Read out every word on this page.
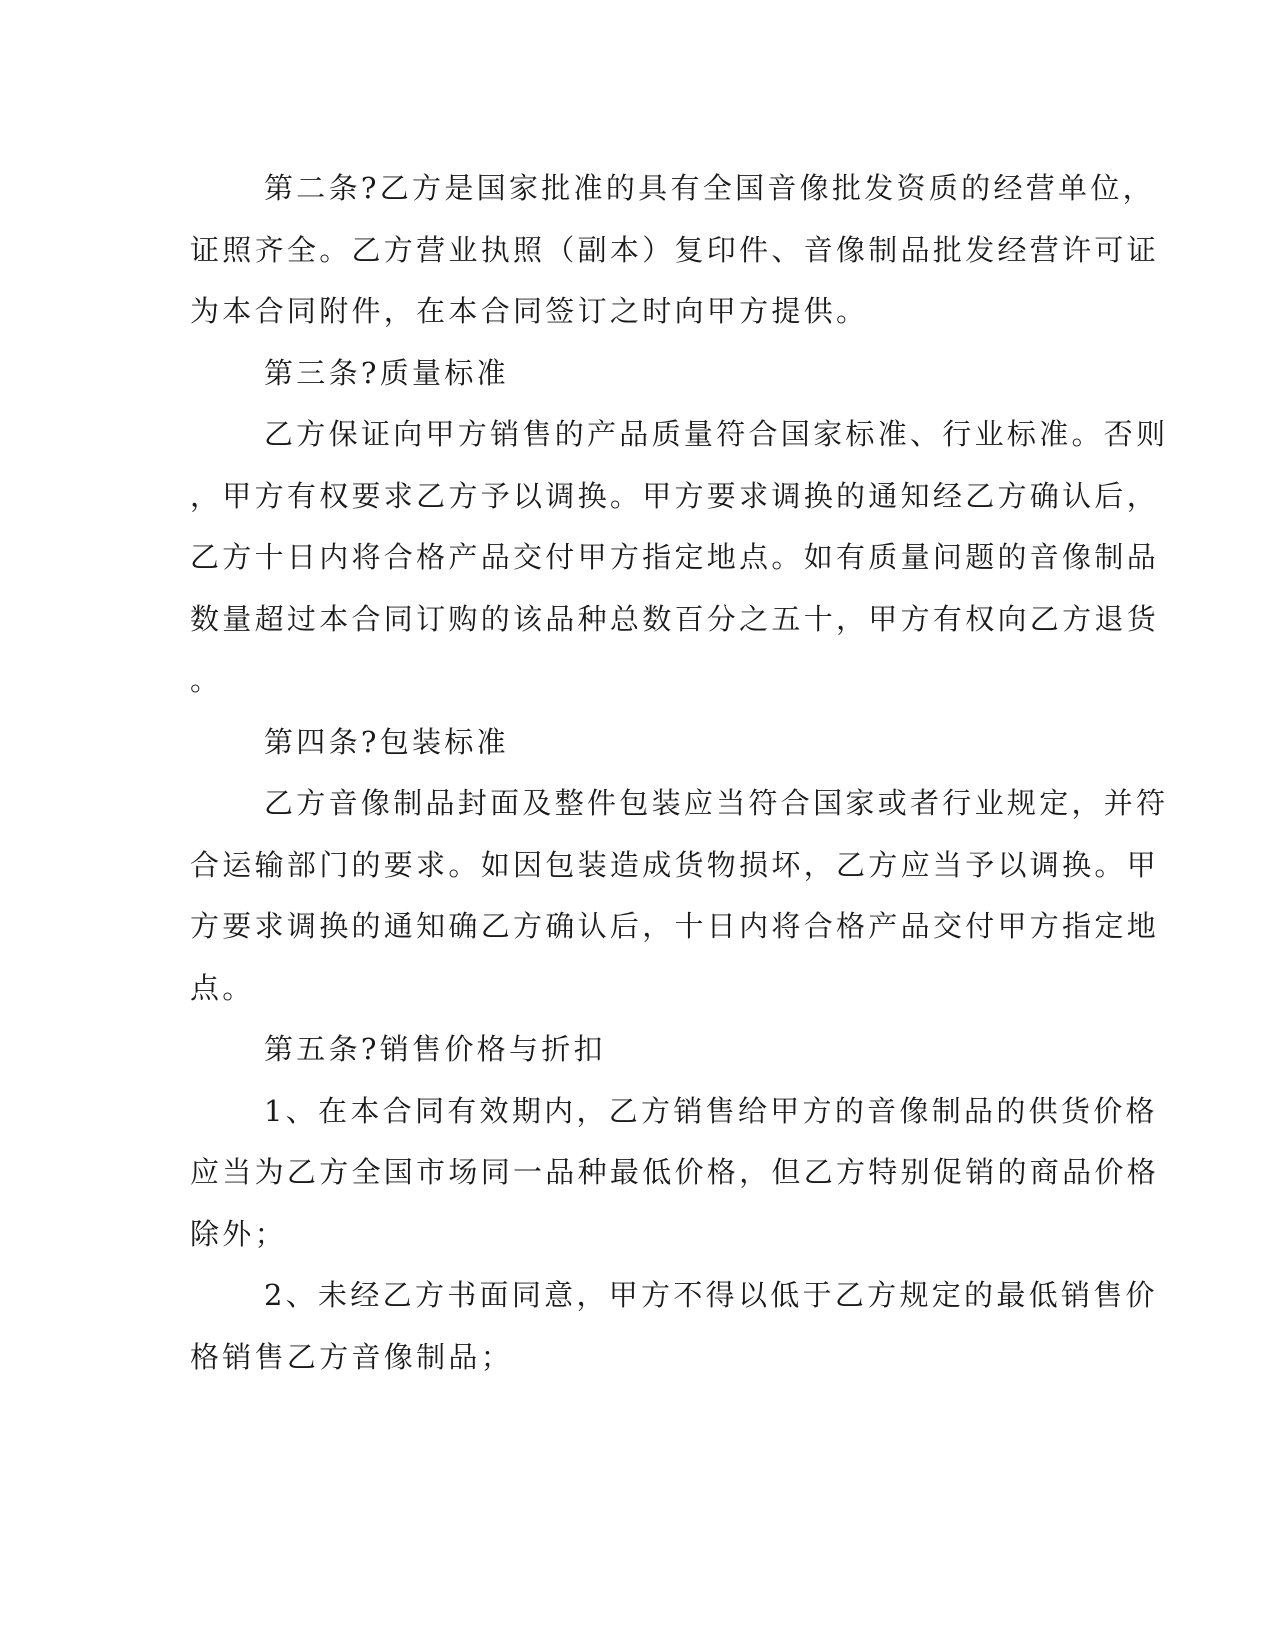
第二条?乙方是国家批准的具有全国音像批发资质的经营单位，
证照齐全。乙方营业执照（副本）复印件、音像制品批发经营许可证
为本合同附件，在本合同签订之时向甲方提供。
第三条?质量标准
乙方保证向甲方销售的产品质量符合国家标准、行业标准。否则
，甲方有权要求乙方予以调换。甲方要求调换的通知经乙方确认后，
乙方十日内将合格产品交付甲方指定地点。如有质量问题的音像制品
数量超过本合同订购的该品种总数百分之五十，甲方有权向乙方退货
。
第四条?包装标准
乙方音像制品封面及整件包装应当符合国家或者行业规定，并符
合运输部门的要求。如因包装造成货物损坏，乙方应当予以调换。甲
方要求调换的通知确乙方确认后，十日内将合格产品交付甲方指定地
点。
第五条?销售价格与折扣
1、在本合同有效期内，乙方销售给甲方的音像制品的供货价格
应当为乙方全国市场同一品种最低价格，但乙方特别促销的商品价格
除外；
2、未经乙方书面同意，甲方不得以低于乙方规定的最低销售价
格销售乙方音像制品；
